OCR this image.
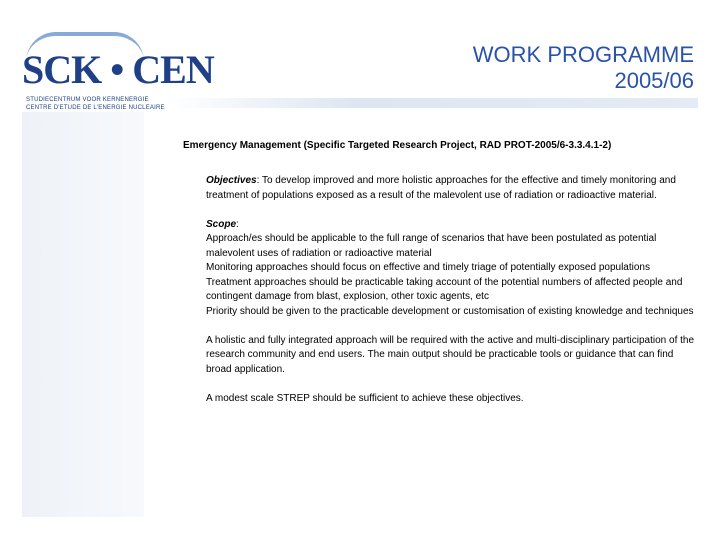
SCK • CEN
STUDIECENTRUM VOOR KERNENERGIE
CENTRE D'ETUDE DE L'ENERGIE NUCLEAIRE
WORK PROGRAMME
2005/06
Emergency Management (Specific Targeted Research Project, RAD PROT-2005/6-3.3.4.1-2)

Objectives: To develop improved and more holistic approaches for the effective and timely monitoring and treatment of populations exposed as a result of the malevolent use of radiation or radioactive material.

Scope:

Approach/es should be applicable to the full range of scenarios that have been postulated as potential malevolent uses of radiation or radioactive material

Monitoring approaches should focus on effective and timely triage of potentially exposed populations

Treatment approaches should be practicable taking account of the potential numbers of affected people and contingent damage from blast, explosion, other toxic agents, etc

Priority should be given to the practicable development or customisation of existing knowledge and techniques

A holistic and fully integrated approach will be required with the active and multi-disciplinary participation of the research community and end users. The main output should be practicable tools or guidance that can find broad application.

A modest scale STREP should be sufficient to achieve these objectives.
